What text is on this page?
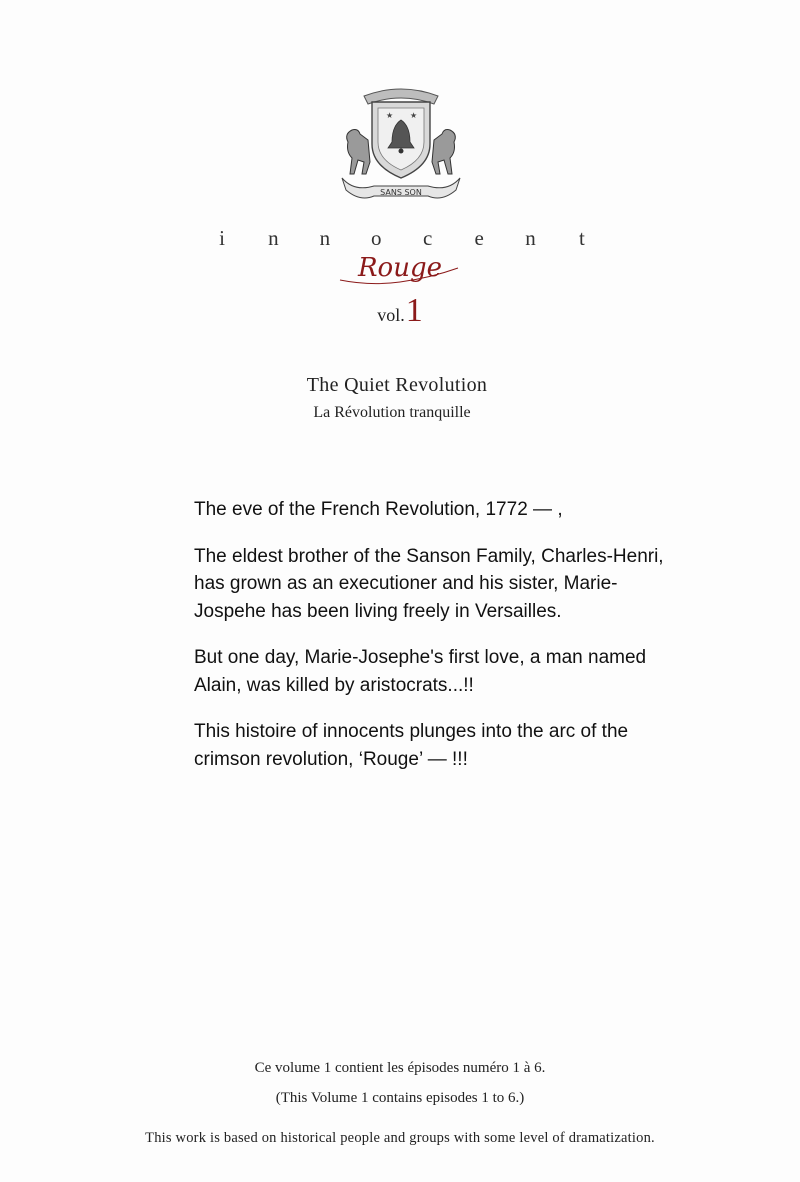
★ ★
SANS SON
i	n n o c e n	t
Rouge
vol.1
The Quiet Revolution
La Révolution tranquille

The eve of the French Revolution, 1772 — ,

The eldest brother of the Sanson Family, Charles-Henri, has grown as an executioner and his sister, Marie-Jospehe has been living freely in Versailles.

But one day, Marie-Josephe's first love, a man named Alain, was killed by aristocrats...!!

This histoire of innocents plunges into the arc of the crimson revolution, ‘Rouge’ — !!!

Ce volume 1 contient les épisodes numéro 1 à 6.
(This Volume 1 contains episodes 1 to 6.)
This work is based on historical people and groups with some level of dramatization.
